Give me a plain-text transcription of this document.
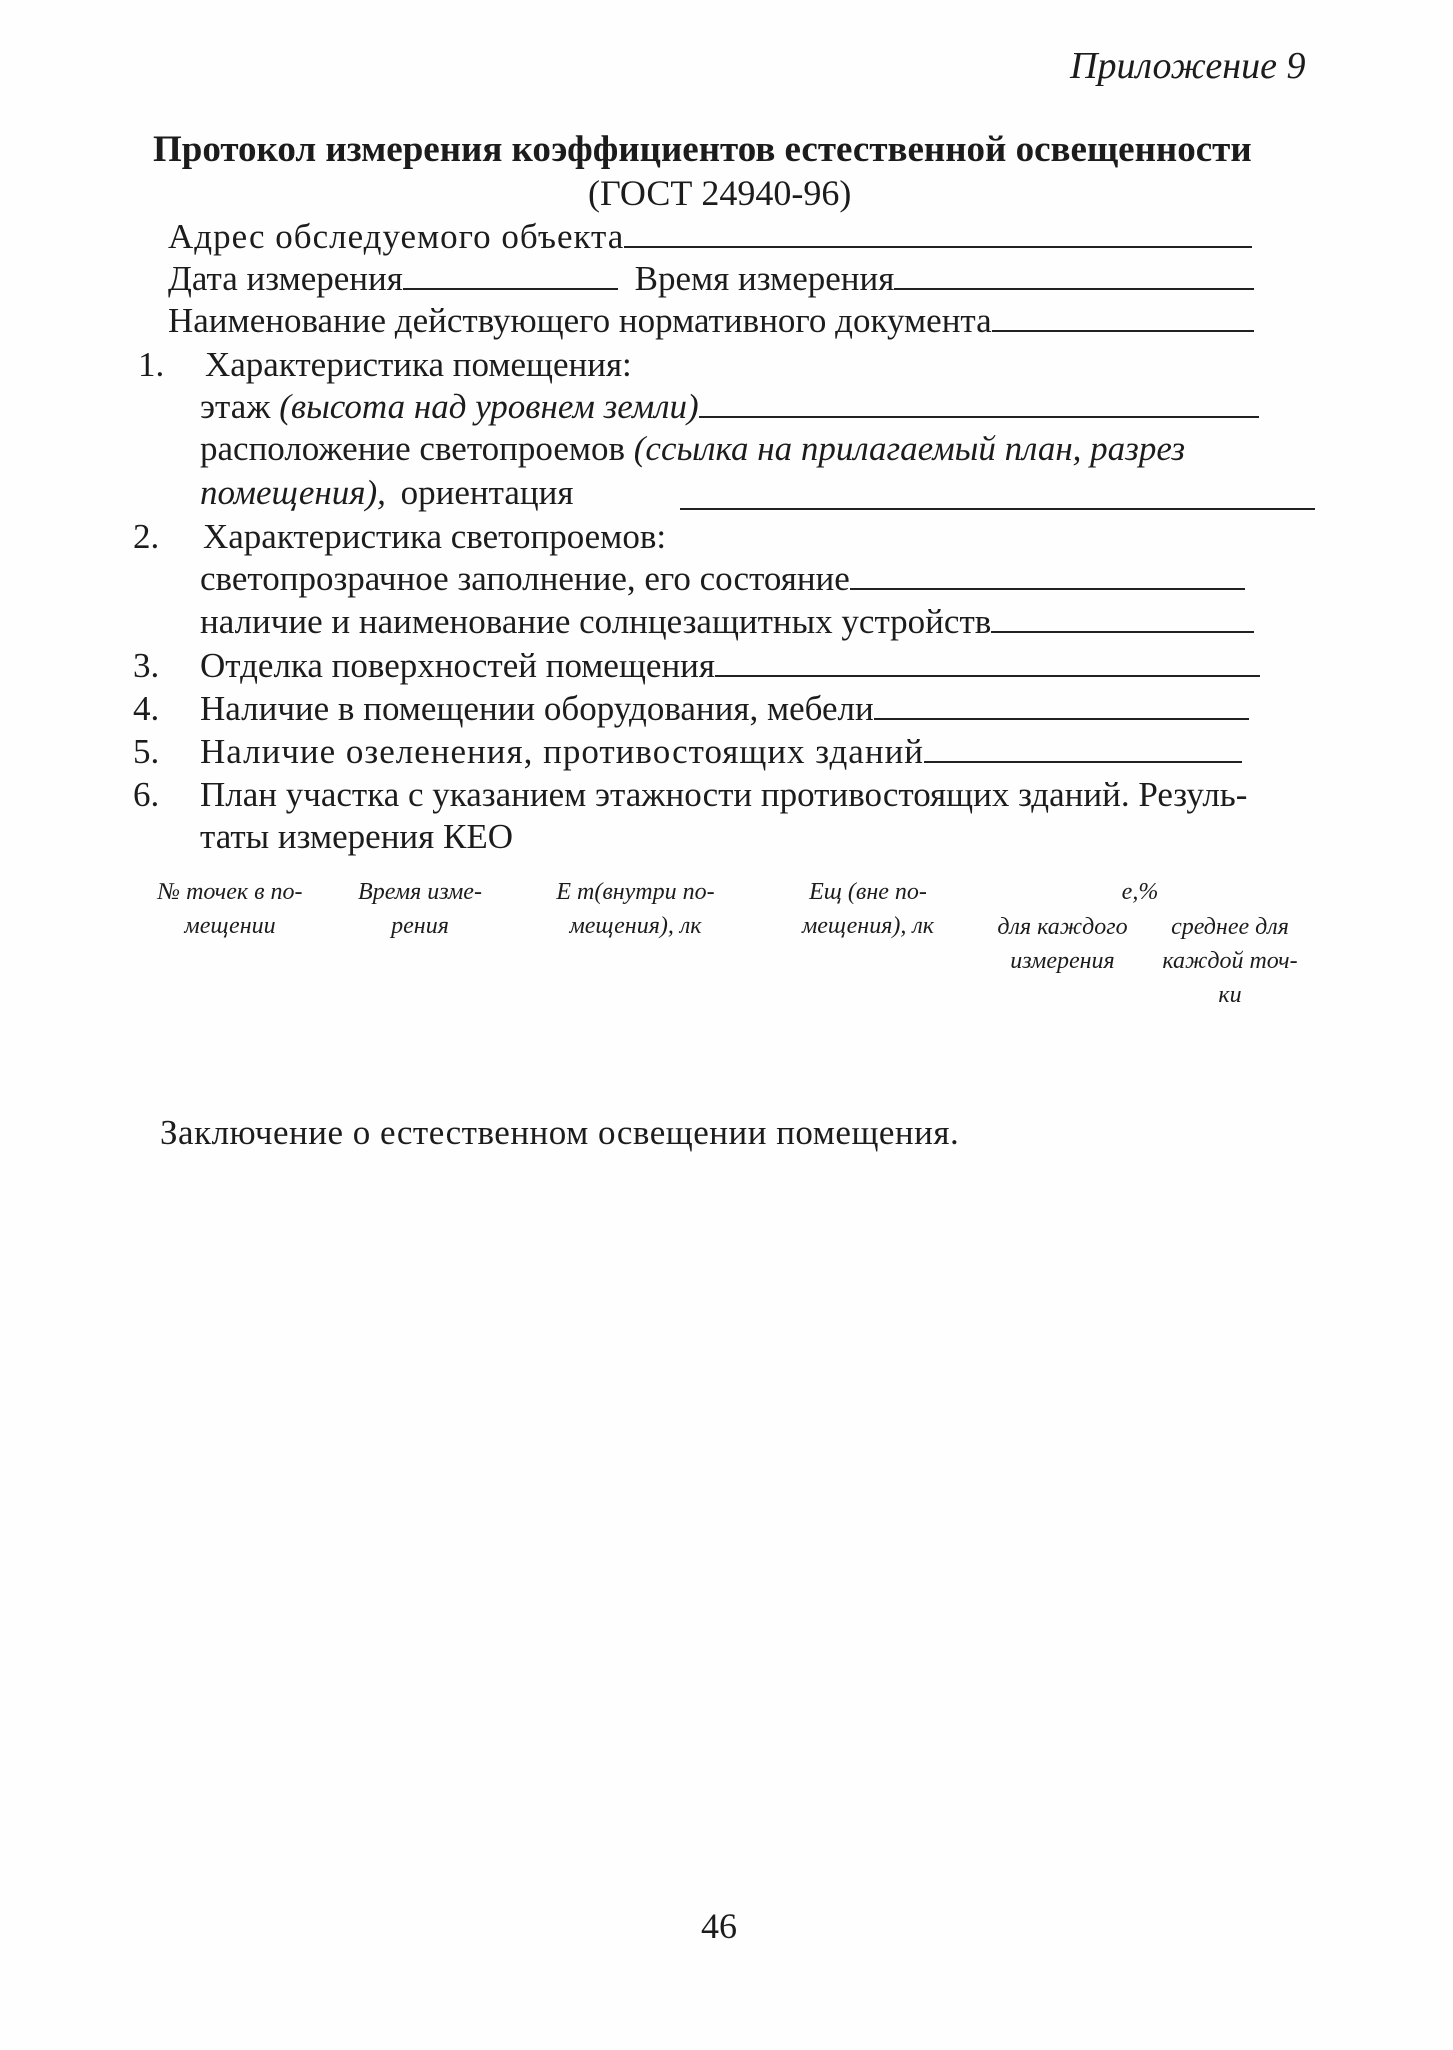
Приложение 9
Протокол измерения коэффициентов естественной освещенности
(ГОСТ 24940-96)
Адрес обследуемого объекта
Дата измерения	Время измерения
Наименование действующего нормативного документа
1. Характеристика помещения:
этаж (высота над уровнем земли)
расположение светопроемов (ссылка на прилагаемый план, разрез
помещения), ориентация
2. Характеристика светопроемов:
светопрозрачное заполнение, его состояние
наличие и наименование солнцезащитных устройств
3. Отделка поверхностей помещения
4. Наличие в помещении оборудования, мебели
5. Наличие озеленения, противостоящих зданий
6. План участка с указанием этажности противостоящих зданий. Резуль-
таты измерения КЕО
№ точек в по-мещении
Время изме-рения
Е т(внутри по-мещения), лк
Ещ (вне по-мещения), лк
е,%
для каждого измерения
среднее для каждой точ-ки
Заключение о естественном освещении помещения.
46
